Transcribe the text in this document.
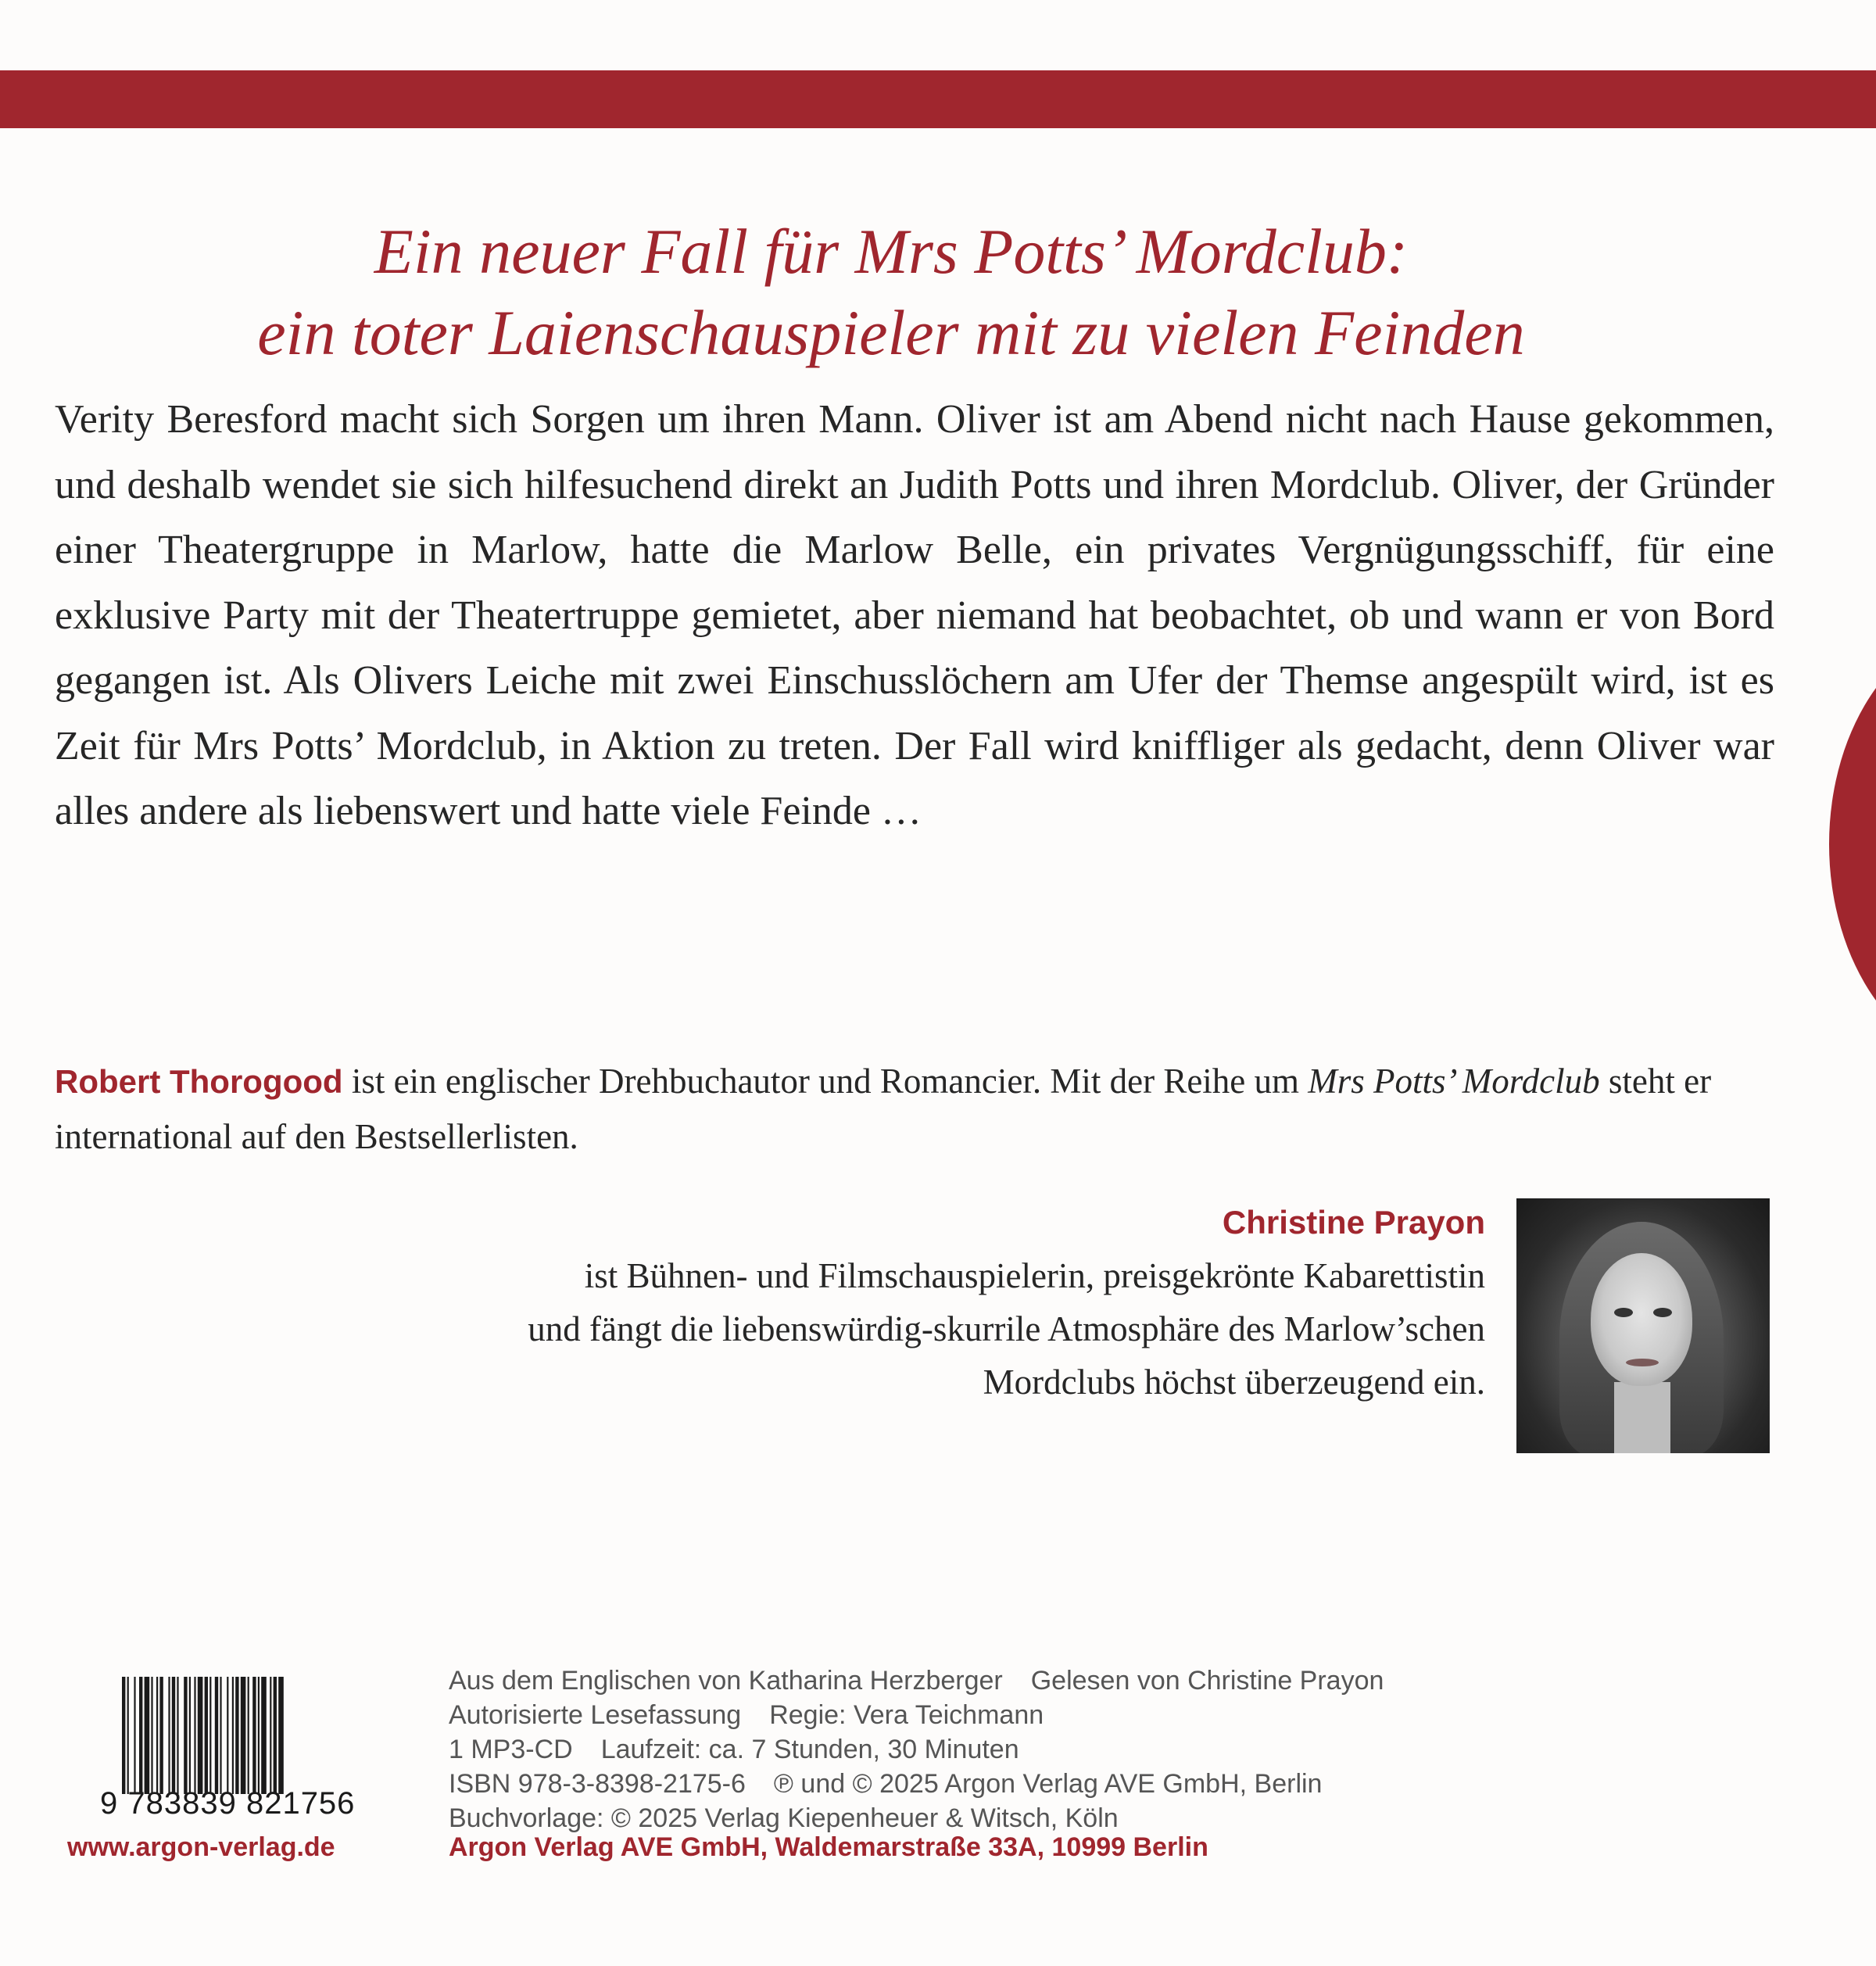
Ein neuer Fall für Mrs Potts’ Mordclub:
ein toter Laienschauspieler mit zu vielen Feinden
Verity Beresford macht sich Sorgen um ihren Mann. Oliver ist am Abend nicht nach Hause gekommen, und deshalb wendet sie sich hilfesuchend direkt an Judith Potts und ihren Mordclub. Oliver, der Gründer einer Theatergruppe in Marlow, hatte die Marlow Belle, ein privates Vergnügungsschiff, für eine exklusive Party mit der Theatertruppe gemietet, aber niemand hat beobachtet, ob und wann er von Bord gegangen ist. Als Olivers Leiche mit zwei Einschusslöchern am Ufer der Themse angespült wird, ist es Zeit für Mrs Potts’ Mordclub, in Aktion zu treten. Der Fall wird kniffliger als gedacht, denn Oliver war alles andere als liebenswert und hatte viele Feinde …
Robert Thorogood ist ein englischer Drehbuchautor und Romancier. Mit der Reihe um Mrs Potts’ Mordclub steht er international auf den Bestsellerlisten.
Christine Prayon
ist Bühnen- und Filmschauspielerin, preisgekrönte Kabarettistin
und fängt die liebenswürdig-skurrile Atmosphäre des Marlow’schen
Mordclubs höchst überzeugend ein.
9 783839 821756
www.argon-verlag.de
Aus dem Englischen von Katharina Herzberger Gelesen von Christine Prayon
Autorisierte Lesefassung Regie: Vera Teichmann
1 MP3-CD Laufzeit: ca. 7 Stunden, 30 Minuten
ISBN 978-3-8398-2175-6 ℗ und © 2025 Argon Verlag AVE GmbH, Berlin
Buchvorlage: © 2025 Verlag Kiepenheuer & Witsch, Köln
Argon Verlag AVE GmbH, Waldemarstraße 33A, 10999 Berlin
